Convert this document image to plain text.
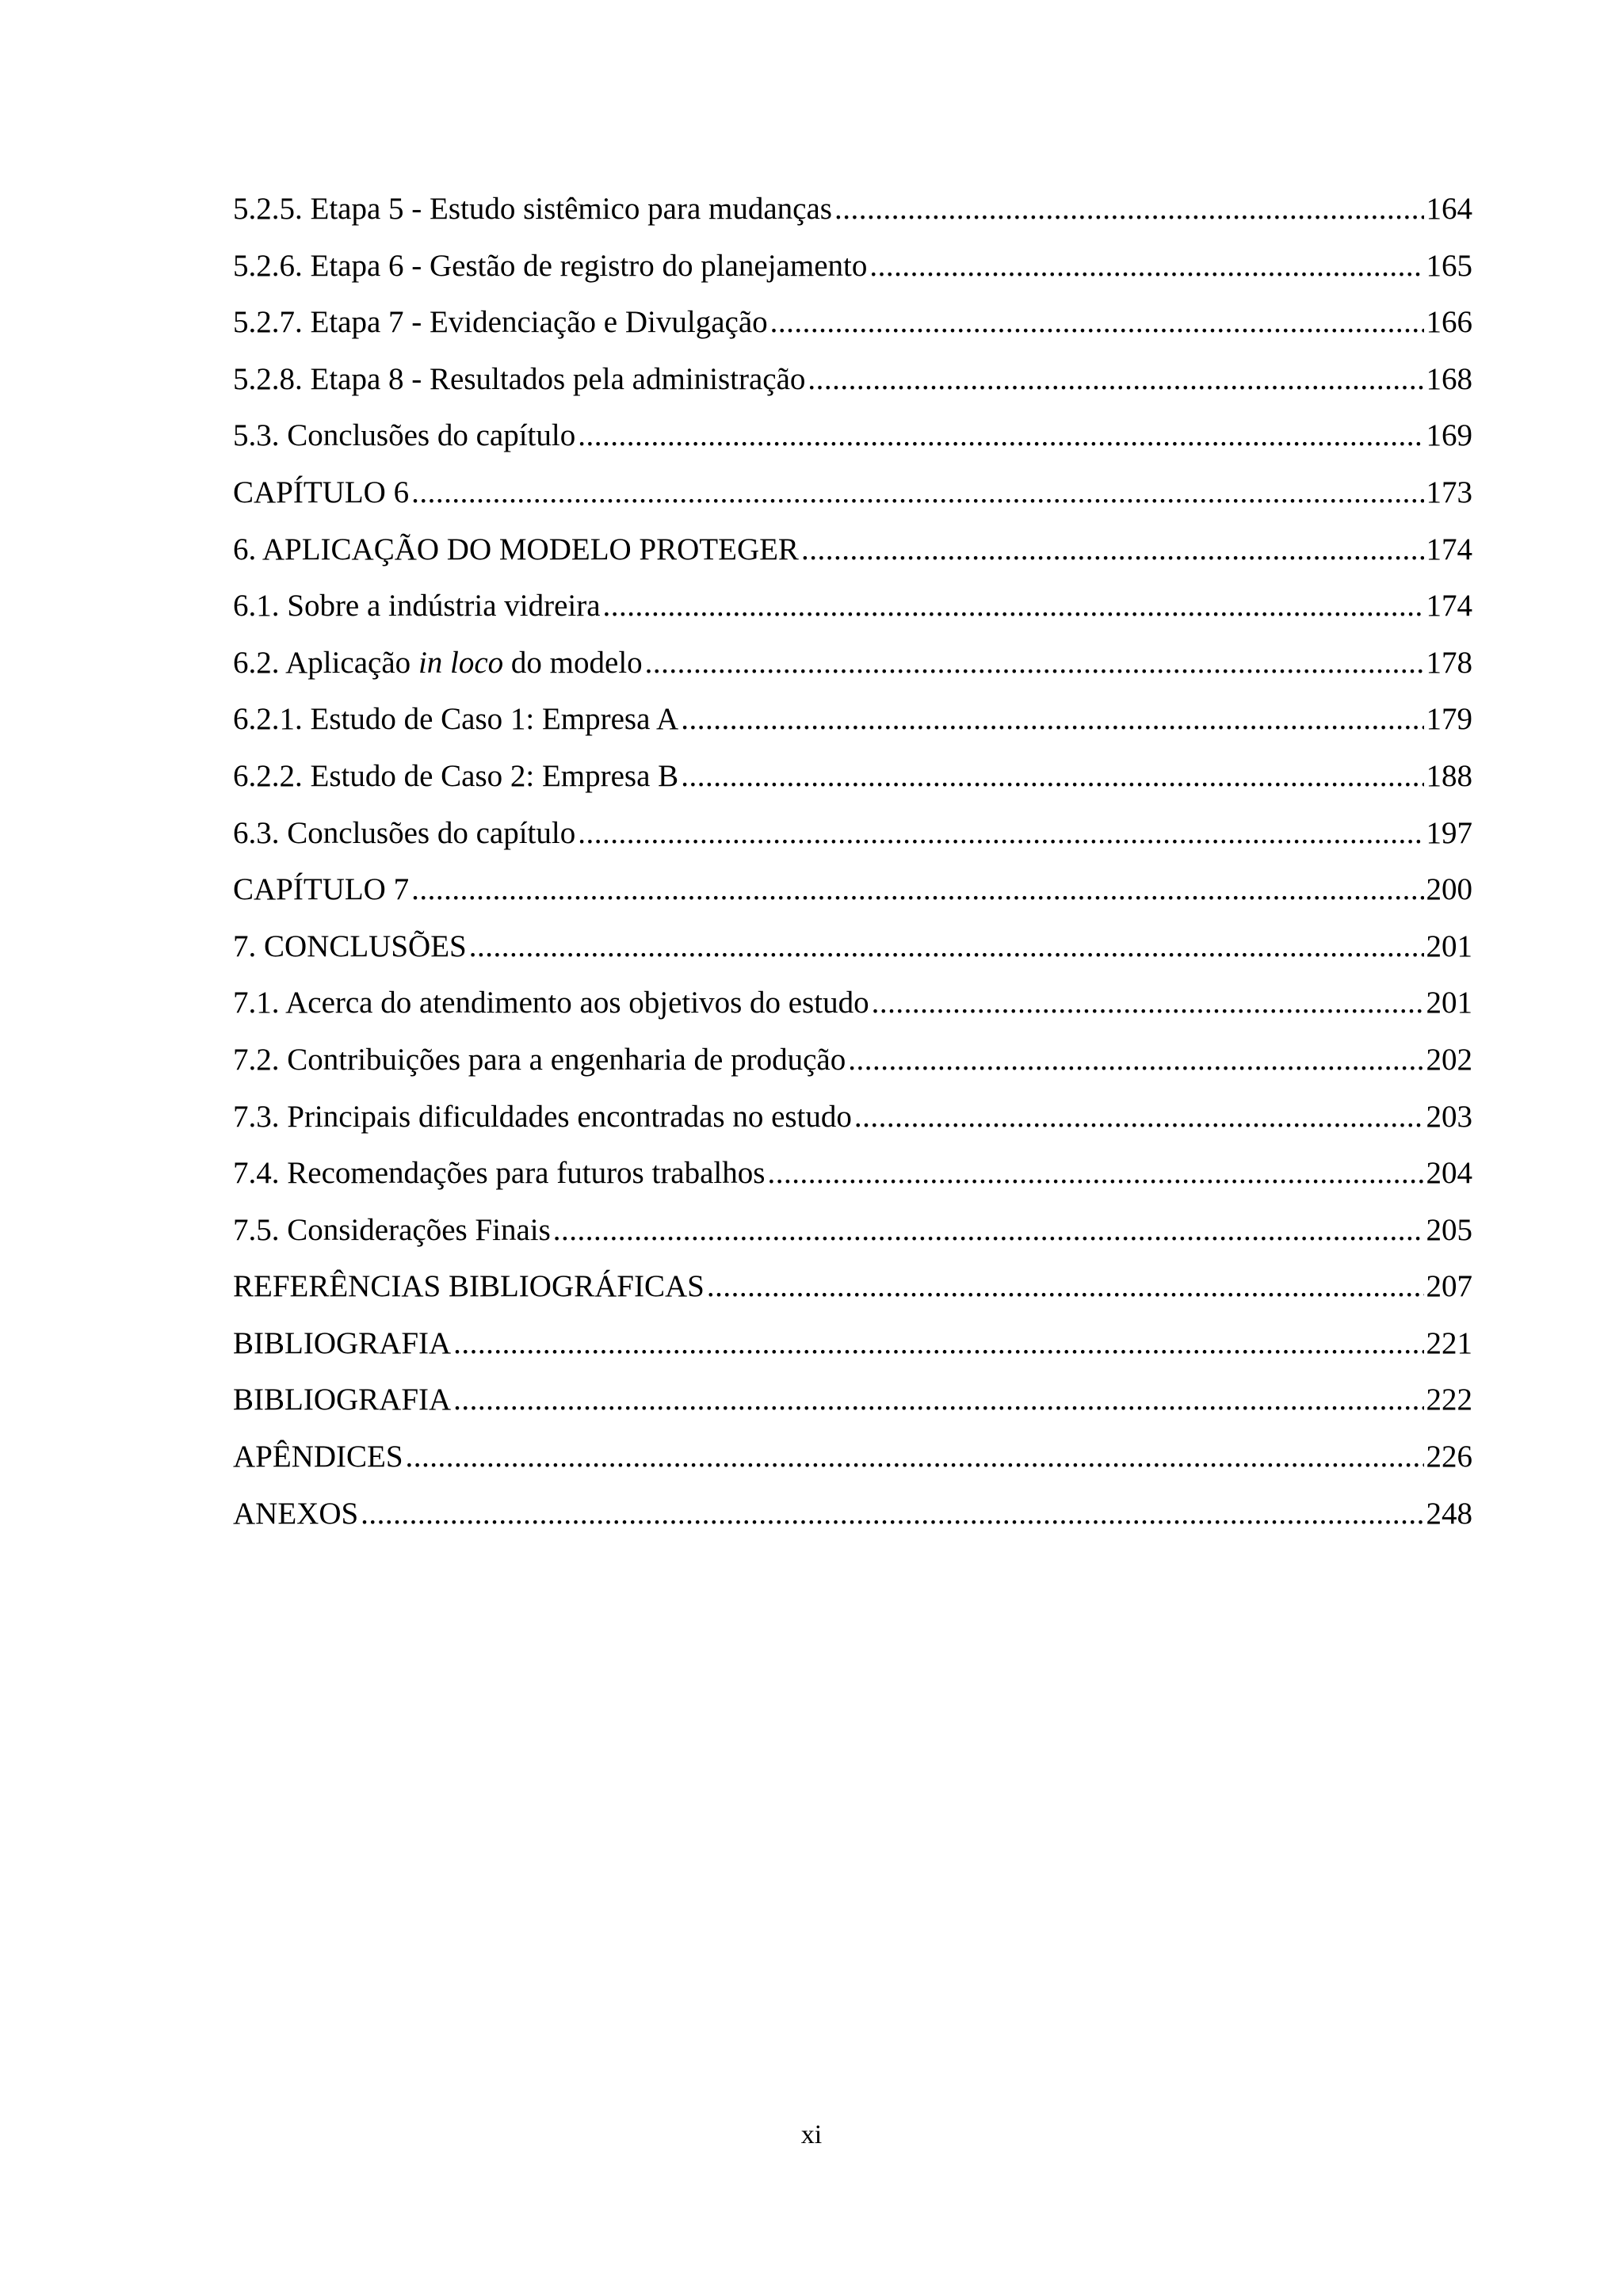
5.2.5. Etapa 5 - Estudo sistêmico para mudanças .....	164
5.2.6. Etapa 6 - Gestão de registro do planejamento .....	165
5.2.7. Etapa 7 - Evidenciação e Divulgação .....	166
5.2.8. Etapa 8 - Resultados pela administração .....	168
5.3. Conclusões do capítulo .....	169
CAPÍTULO 6 .....	173
6. APLICAÇÃO DO MODELO PROTEGER .....	174
6.1. Sobre a indústria vidreira .....	174
6.2. Aplicação in loco do modelo .....	178
6.2.1. Estudo de Caso 1: Empresa A .....	179
6.2.2. Estudo de Caso 2: Empresa B .....	188
6.3. Conclusões do capítulo .....	197
CAPÍTULO 7 .....	200
7. CONCLUSÕES .....	201
7.1. Acerca do atendimento aos objetivos do estudo .....	201
7.2. Contribuições para a engenharia de produção .....	202
7.3. Principais dificuldades encontradas no estudo .....	203
7.4. Recomendações para futuros trabalhos .....	204
7.5. Considerações Finais .....	205
REFERÊNCIAS BIBLIOGRÁFICAS .....	207
BIBLIOGRAFIA .....	221
BIBLIOGRAFIA .....	222
APÊNDICES .....	226
ANEXOS .....	248
xi
